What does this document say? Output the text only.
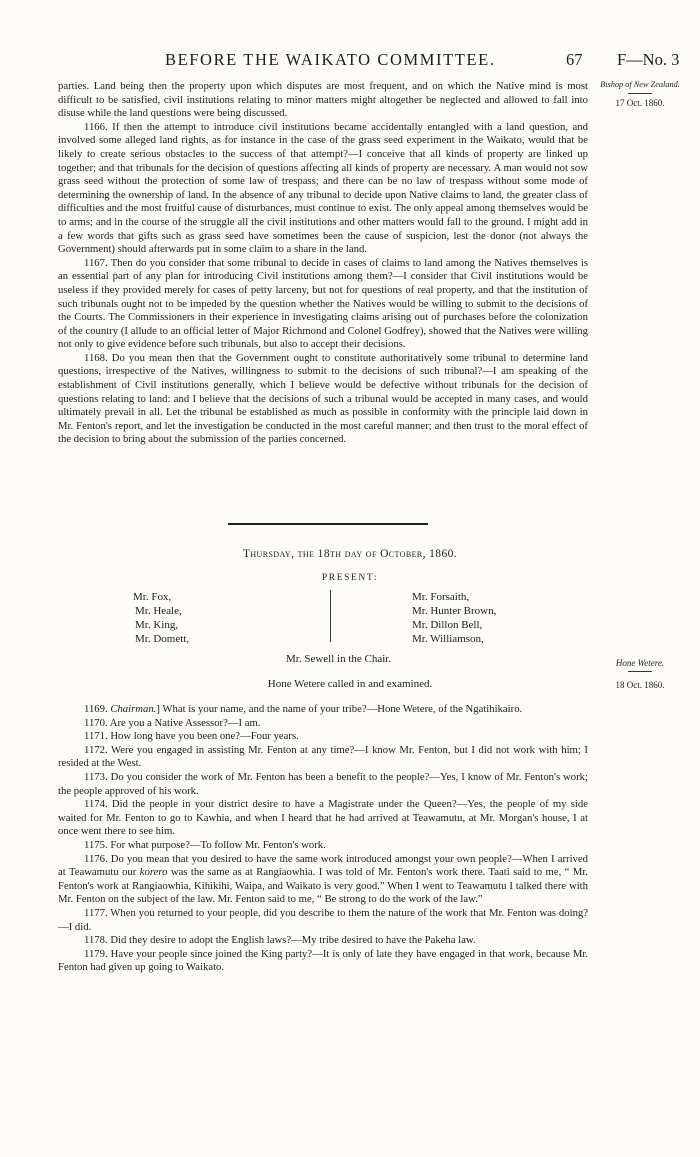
BEFORE THE WAIKATO COMMITTEE.	67 F—No. 3
Bishop of New Zealand.
17 Oct. 1860.

parties. Land being then the property upon which disputes are most frequent, and on which the Native mind is most difficult to be satisfied, civil institutions relating to minor matters might altogether be neglected and allowed to fall into disuse while the land questions were being discussed.

1166. If then the attempt to introduce civil institutions became accidentally entangled with a land question, and involved some alleged land rights, as for instance in the case of the grass seed experiment in the Waikato, would that be likely to create serious obstacles to the success of that attempt?—I conceive that all kinds of property are linked up together; and that tribunals for the decision of questions affecting all kinds of property are necessary. A man would not sow grass seed without the protection of some law of trespass; and there can be no law of trespass without some mode of determining the ownership of land. In the absence of any tribunal to decide upon Native claims to land, the greater class of difficulties and the most fruitful cause of disturbances, must continue to exist. The only appeal among themselves would be to arms; and in the course of the struggle all the civil institutions and other matters would fall to the ground. I might add in a few words that gifts such as grass seed have sometimes been the cause of suspicion, lest the donor (not always the Government) should afterwards put in some claim to a share in the land.

1167. Then do you consider that some tribunal to decide in cases of claims to land among the Natives themselves is an essential part of any plan for introducing Civil institutions among them?—I consider that Civil institutions would be useless if they provided merely for cases of petty larceny, but not for questions of real property, and that the institution of such tribunals ought not to be impeded by the question whether the Natives would be willing to submit to the decisions of the Courts. The Commissioners in their experience in investigating claims arising out of purchases before the colonization of the country (I allude to an official letter of Major Richmond and Colonel Godfrey), showed that the Natives were willing not only to give evidence before such tribunals, but also to accept their decisions.

1168. Do you mean then that the Government ought to constitute authoritatively some tribunal to determine land questions, irrespective of the Natives, willingness to submit to the decisions of such tribunal?—I am speaking of the establishment of Civil institutions generally, which I believe would be defective without tribunals for the decision of questions relating to land: and I believe that the decisions of such a tribunal would be accepted in many cases, and would ultimately prevail in all. Let the tribunal be established as much as possible in conformity with the principle laid down in Mr. Fenton's report, and let the investigation be conducted in the most careful manner; and then trust to the moral effect of the decision to bring about the submission of the parties concerned.

Thursday, the 18th day of October, 1860.
PRESENT:
Mr. Fox,
Mr. Heale,
Mr. King,
Mr. Domett,
Mr. Forsaith,
Mr. Hunter Brown,
Mr. Dillon Bell,
Mr. Williamson,
Mr. Sewell in the Chair.	Hone Wetere.
18 Oct. 1860.
Hone Wetere called in and examined.

1169. Chairman.] What is your name, and the name of your tribe?—Hone Wetere, of the Ngatihikairo.

1170. Are you a Native Assessor?—I am.

1171. How long have you been one?—Four years.

1172. Were you engaged in assisting Mr. Fenton at any time?—I know Mr. Fenton, but I did not work with him; I resided at the West.

1173. Do you consider the work of Mr. Fenton has been a benefit to the people?—Yes, I know of Mr. Fenton's work; the people approved of his work.

1174. Did the people in your district desire to have a Magistrate under the Queen?—Yes, the people of my side waited for Mr. Fenton to go to Kawhia, and when I heard that he had arrived at Teawamutu, at Mr. Morgan's house, I at once went there to see him.

1175. For what purpose?—To follow Mr. Fenton's work.

1176. Do you mean that you desired to have the same work introduced amongst your own people?—When I arrived at Teawamutu our korero was the same as at Rangiaowhia. I was told of Mr. Fenton's work there. Taati said to me, “ Mr. Fenton's work at Rangiaowhia, Kihikihi, Waipa, and Waikato is very good.” When I went to Teawamutu I talked there with Mr. Fenton on the subject of the law. Mr. Fenton said to me, “ Be strong to do the work of the law.”

1177. When you returned to your people, did you describe to them the nature of the work that Mr. Fenton was doing?—I did.

1178. Did they desire to adopt the English laws?—My tribe desired to have the Pakeha law.

1179. Have your people since joined the King party?—It is only of late they have engaged in that work, because Mr. Fenton had given up going to Waikato.
